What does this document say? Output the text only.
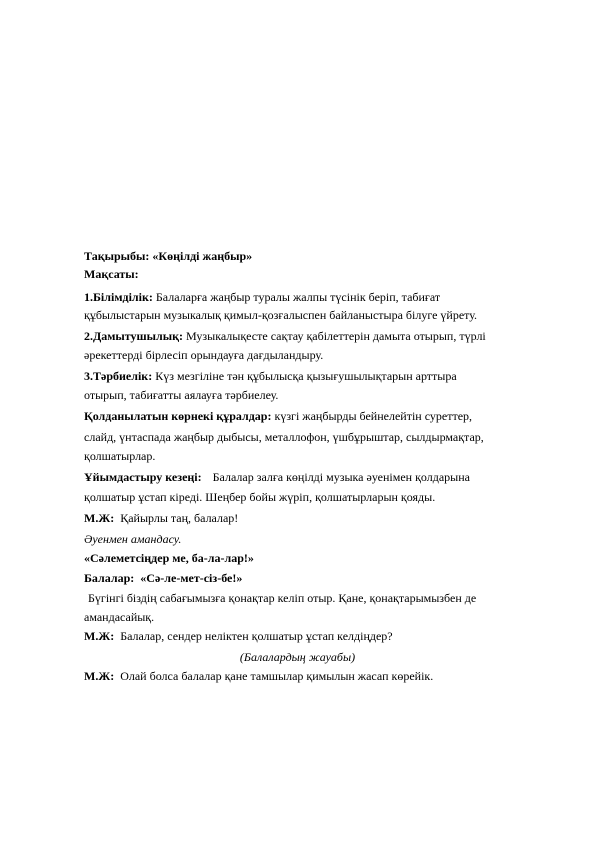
Тақырыбы: «Көңілді жаңбыр»
Мақсаты:
1.Білімділік: Балаларға жаңбыр туралы жалпы түсінік беріп, табиғат
құбылыстарын музыкалық қимыл-қозғалыспен байланыстыра білуге үйрету.
2.Дамытушылық: Музыкалықесте сақтау қабілеттерін дамыта отырып, түрлі
әрекеттерді бірлесіп орындауға дағдыландыру.
3.Тәрбиелік: Күз мезгіліне тән құбылысқа қызығушылықтарын арттыра
отырып, табиғатты аялауға тәрбиелеу.
Қолданылатын көрнекі құралдар: күзгі жаңбырды бейнелейтін суреттер,
слайд, үнтаспада жаңбыр дыбысы, металлофон, үшбұрыштар, сылдырмақтар,
қолшатырлар.
Ұйымдастыру кезеңі: Балалар залға көңілді музыка әуенімен қолдарына
қолшатыр ұстап кіреді. Шеңбер бойы жүріп, қолшатырларын қояды.
М.Ж: Қайырлы таң, балалар!
Әуенмен амандасу.
«Сәлеметсіңдер ме, ба-ла-лар!»
Балалар: «Сә-ле-мет-сіз-бе!»
Бүгінгі біздің сабағымызға қонақтар келіп отыр. Қане, қонақтарымызбен де
амандасайық.
М.Ж: Балалар, сендер неліктен қолшатыр ұстап келдіңдер?
(Балалардың жауабы)
М.Ж: Олай болса балалар қане тамшылар қимылын жасап көрейік.
